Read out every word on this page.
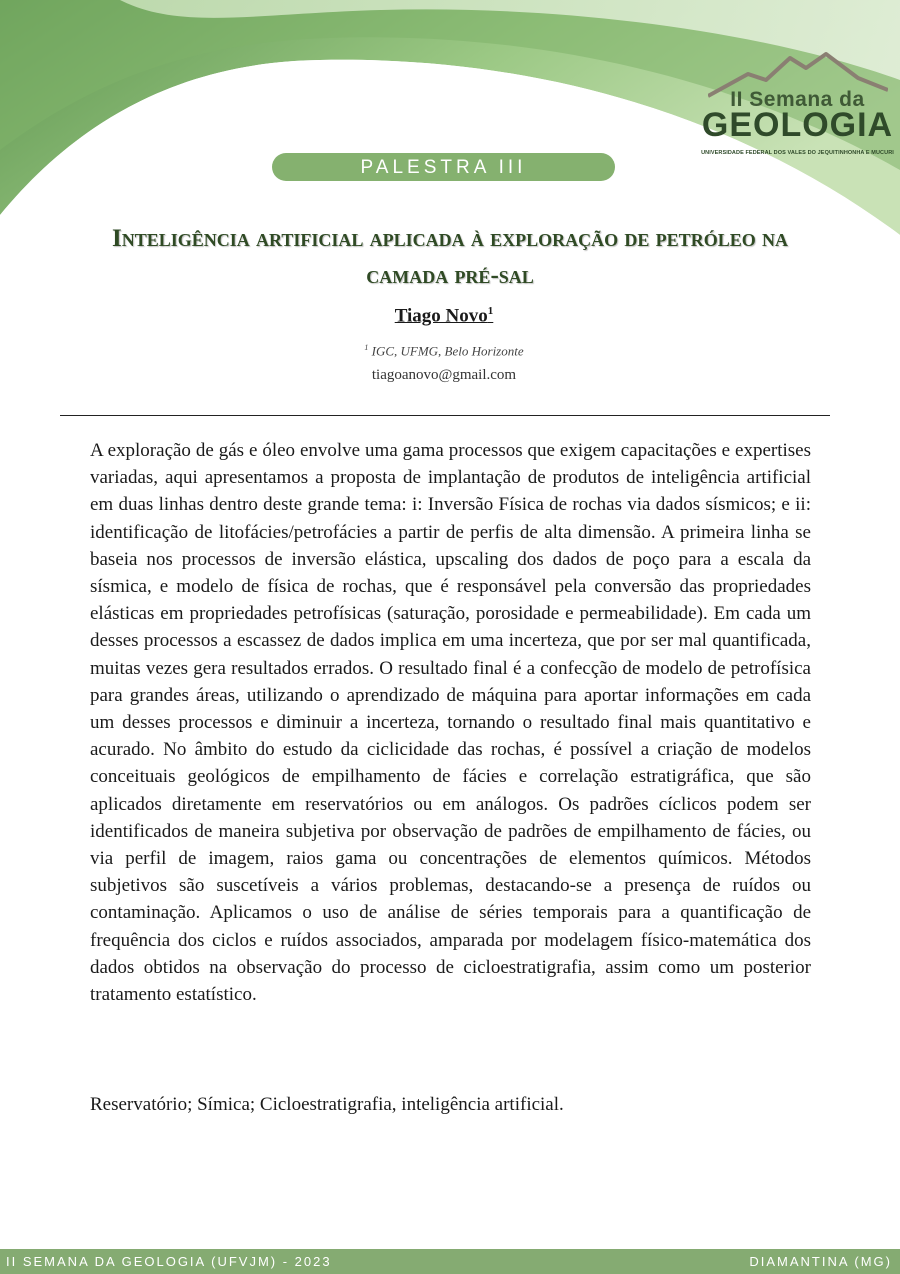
II Semana da
GEOLOGIA
UNIVERSIDADE FEDERAL DOS VALES DO JEQUITINHONHA E MUCURI
PALESTRA III
Inteligência artificial aplicada à exploração de petróleo na camada pré-sal
Tiago Novo$^1$
$^1$ IGC, UFMG, Belo Horizonte
tiagoanovo@gmail.com

A exploração de gás e óleo envolve uma gama processos que exigem capacitações e expertises variadas, aqui apresentamos a proposta de implantação de produtos de inteligência artificial em duas linhas dentro deste grande tema: i: Inversão Física de rochas via dados sísmicos; e ii: identificação de litofácies/petrofácies a partir de perfis de alta dimensão. A primeira linha se baseia nos processos de inversão elástica, upscaling dos dados de poço para a escala da sísmica, e modelo de física de rochas, que é responsável pela conversão das propriedades elásticas em propriedades petrofísicas (saturação, porosidade e permeabilidade). Em cada um desses processos a escassez de dados implica em uma incerteza, que por ser mal quantificada, muitas vezes gera resultados errados. O resultado final é a confecção de modelo de petrofísica para grandes áreas, utilizando o aprendizado de máquina para aportar informações em cada um desses processos e diminuir a incerteza, tornando o resultado final mais quantitativo e acurado. No âmbito do estudo da ciclicidade das rochas, é possível a criação de modelos conceituais geológicos de empilhamento de fácies e correlação estratigráfica, que são aplicados diretamente em reservatórios ou em análogos. Os padrões cíclicos podem ser identificados de maneira subjetiva por observação de padrões de empilhamento de fácies, ou via perfil de imagem, raios gama ou concentrações de elementos químicos. Métodos subjetivos são suscetíveis a vários problemas, destacando-se a presença de ruídos ou contaminação. Aplicamos o uso de análise de séries temporais para a quantificação de frequência dos ciclos e ruídos associados, amparada por modelagem físico-matemática dos dados obtidos na observação do processo de cicloestratigrafia, assim como um posterior tratamento estatístico.

Reservatório; Símica; Cicloestratigrafia, inteligência artificial.

II SEMANA DA GEOLOGIA (UFVJM) - 2023	DIAMANTINA (MG)
